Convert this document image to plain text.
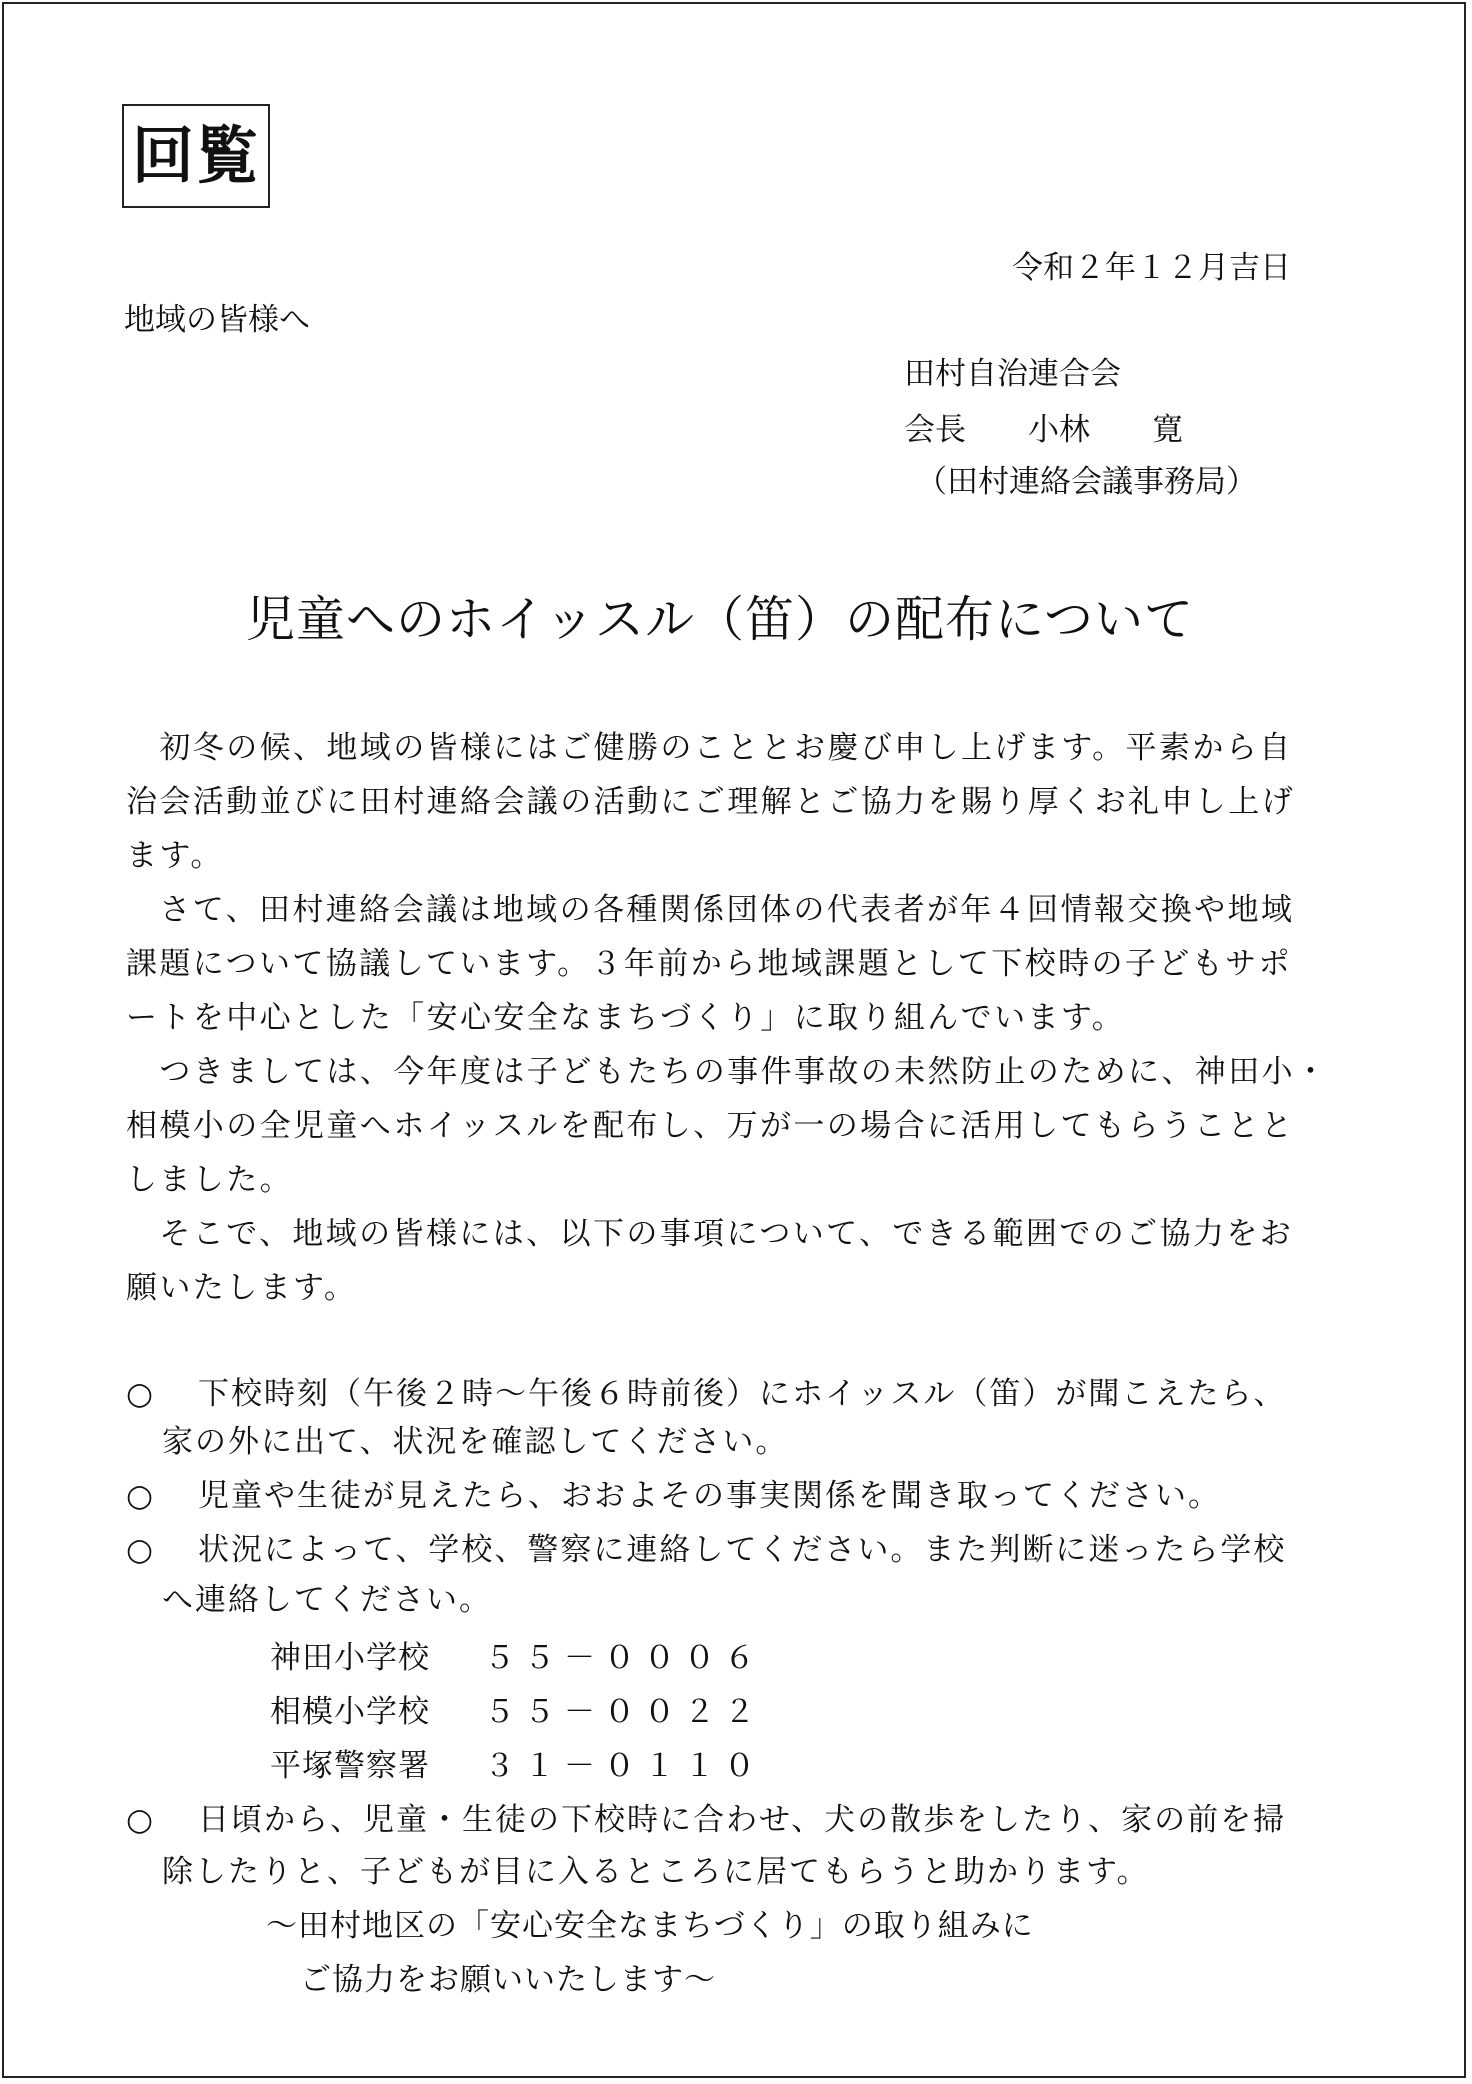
回覧
令和２年１２月吉日
地域の皆様へ
田村自治連合会
会長　　小林　　寛
（田村連絡会議事務局）
児童へのホイッスル（笛）の配布について
　初冬の候、地域の皆様にはご健勝のこととお慶び申し上げます。平素から自
治会活動並びに田村連絡会議の活動にご理解とご協力を賜り厚くお礼申し上げ
ます。
　さて、田村連絡会議は地域の各種関係団体の代表者が年４回情報交換や地域
課題について協議しています。３年前から地域課題として下校時の子どもサポ
ートを中心とした「安心安全なまちづくり」に取り組んでいます。
　つきましては、今年度は子どもたちの事件事故の未然防止のために、神田小・
相模小の全児童へホイッスルを配布し、万が一の場合に活用してもらうことと
しました。
　そこで、地域の皆様には、以下の事項について、できる範囲でのご協力をお
願いたします。
○ 下校時刻（午後２時～午後６時前後）にホイッスル（笛）が聞こえたら、
家の外に出て、状況を確認してください。
○ 児童や生徒が見えたら、おおよその事実関係を聞き取ってください。
○ 状況によって、学校、警察に連絡してください。また判断に迷ったら学校
へ連絡してください。
神田小学校 ５５－０００６
相模小学校 ５５－００２２
平塚警察署 ３１－０１１０
○ 日頃から、児童・生徒の下校時に合わせ、犬の散歩をしたり、家の前を掃
除したりと、子どもが目に入るところに居てもらうと助かります。
～田村地区の「安心安全なまちづくり」の取り組みに
ご協力をお願いいたします～
